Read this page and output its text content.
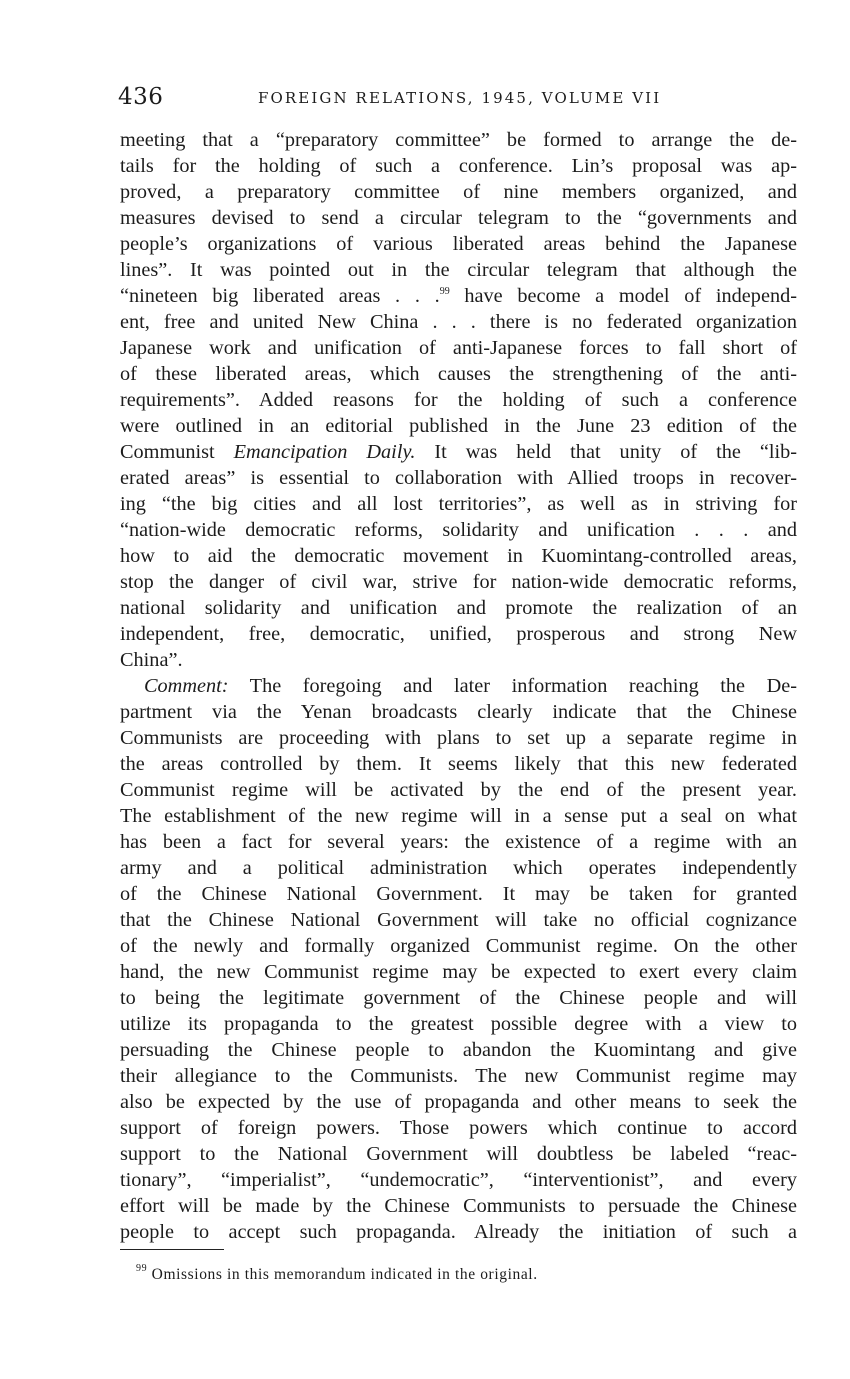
436	FOREIGN RELATIONS, 1945, VOLUME VII
meeting that a “preparatory committee” be formed to arrange the de-
tails for the holding of such a conference. Lin’s proposal was ap-
proved, a preparatory committee of nine members organized, and
measures devised to send a circular telegram to the “governments and
people’s organizations of various liberated areas behind the Japanese
lines”. It was pointed out in the circular telegram that although the
“nineteen big liberated areas . . .$^{99}$ have become a model of independ-
ent, free and united New China . . . there is no federated organization
Japanese work and unification of anti-Japanese forces to fall short of
of these liberated areas, which causes the strengthening of the anti-
requirements”. Added reasons for the holding of such a conference
were outlined in an editorial published in the June 23 edition of the
Communist Emancipation Daily. It was held that unity of the “lib-
erated areas” is essential to collaboration with Allied troops in recover-
ing “the big cities and all lost territories”, as well as in striving for
“nation-wide democratic reforms, solidarity and unification . . . and
how to aid the democratic movement in Kuomintang-controlled areas,
stop the danger of civil war, strive for nation-wide democratic reforms,
national solidarity and unification and promote the realization of an
independent, free, democratic, unified, prosperous and strong New
China”.
Comment: The foregoing and later information reaching the De-
partment via the Yenan broadcasts clearly indicate that the Chinese
Communists are proceeding with plans to set up a separate regime in
the areas controlled by them. It seems likely that this new federated
Communist regime will be activated by the end of the present year.
The establishment of the new regime will in a sense put a seal on what
has been a fact for several years: the existence of a regime with an
army and a political administration which operates independently
of the Chinese National Government. It may be taken for granted
that the Chinese National Government will take no official cognizance
of the newly and formally organized Communist regime. On the other
hand, the new Communist regime may be expected to exert every claim
to being the legitimate government of the Chinese people and will
utilize its propaganda to the greatest possible degree with a view to
persuading the Chinese people to abandon the Kuomintang and give
their allegiance to the Communists. The new Communist regime may
also be expected by the use of propaganda and other means to seek the
support of foreign powers. Those powers which continue to accord
support to the National Government will doubtless be labeled “reac-
tionary”, “imperialist”, “undemocratic”, “interventionist”, and every
effort will be made by the Chinese Communists to persuade the Chinese
people to accept such propaganda. Already the initiation of such a
$^{99}$ Omissions in this memorandum indicated in the original.
